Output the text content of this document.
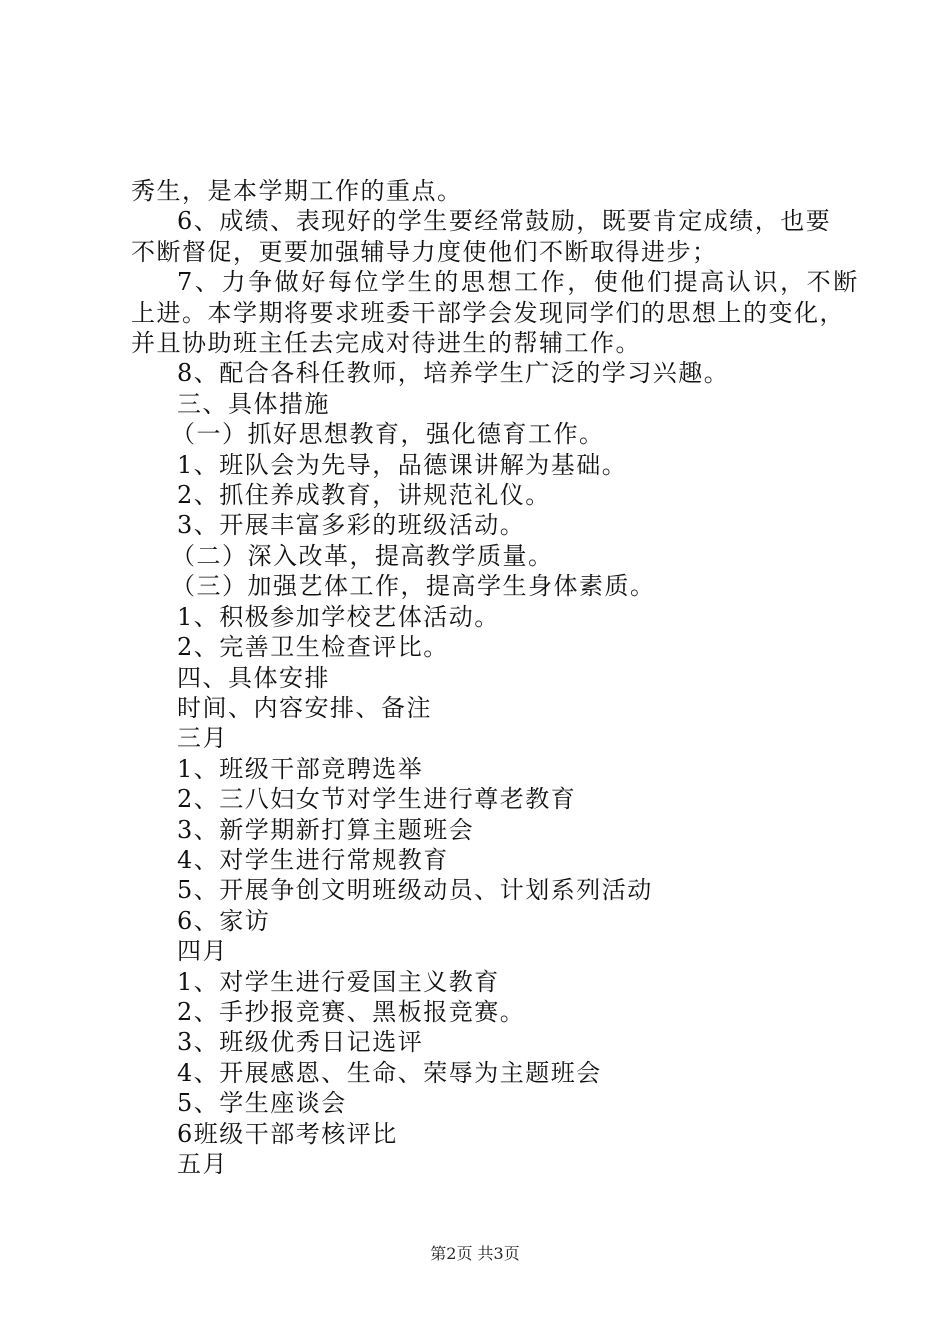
秀生，是本学期工作的重点。
6、成绩、表现好的学生要经常鼓励，既要肯定成绩，也要
不断督促，更要加强辅导力度使他们不断取得进步；
7、力争做好每位学生的思想工作，使他们提高认识，不断
上进。本学期将要求班委干部学会发现同学们的思想上的变化，
并且协助班主任去完成对待进生的帮辅工作。
8、配合各科任教师，培养学生广泛的学习兴趣。
三、具体措施
（一）抓好思想教育，强化德育工作。
1、班队会为先导，品德课讲解为基础。
2、抓住养成教育，讲规范礼仪。
3、开展丰富多彩的班级活动。
（二）深入改革，提高教学质量。
（三）加强艺体工作，提高学生身体素质。
1、积极参加学校艺体活动。
2、完善卫生检查评比。
四、具体安排
时间、内容安排、备注
三月
1、班级干部竞聘选举
2、三八妇女节对学生进行尊老教育
3、新学期新打算主题班会
4、对学生进行常规教育
5、开展争创文明班级动员、计划系列活动
6、家访
四月
1、对学生进行爱国主义教育
2、手抄报竞赛、黑板报竞赛。
3、班级优秀日记选评
4、开展感恩、生命、荣辱为主题班会
5、学生座谈会
6班级干部考核评比
五月
第2页 共3页
